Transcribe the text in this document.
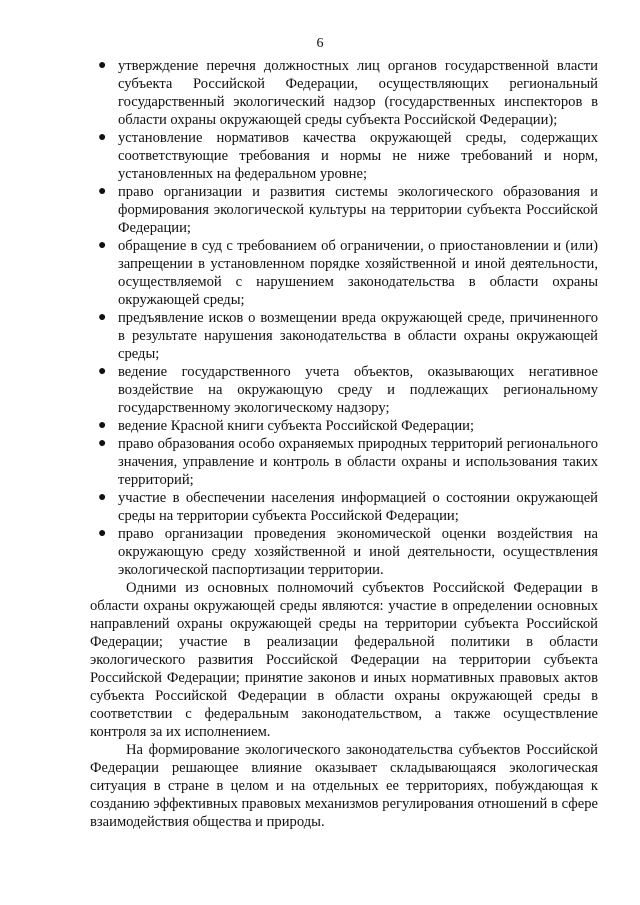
6
● утверждение перечня должностных лиц органов государственной власти субъекта Российской Федерации, осуществляющих региональный государственный экологический надзор (государственных инспекторов в области охраны окружающей среды субъекта Российской Федерации);
● установление нормативов качества окружающей среды, содержащих соответствующие требования и нормы не ниже требований и норм, установленных на федеральном уровне;
● право организации и развития системы экологического образования и формирования экологической культуры на территории субъекта Российской Федерации;
● обращение в суд с требованием об ограничении, о приостановлении и (или) запрещении в установленном порядке хозяйственной и иной деятельности, осуществляемой с нарушением законодательства в области охраны окружающей среды;
● предъявление исков о возмещении вреда окружающей среде, причиненного в результате нарушения законодательства в области охраны окружающей среды;
● ведение государственного учета объектов, оказывающих негативное воздействие на окружающую среду и подлежащих региональному государственному экологическому надзору;
● ведение Красной книги субъекта Российской Федерации;
● право образования особо охраняемых природных территорий регионального значения, управление и контроль в области охраны и использования таких территорий;
● участие в обеспечении населения информацией о состоянии окружающей среды на территории субъекта Российской Федерации;
● право организации проведения экономической оценки воздействия на окружающую среду хозяйственной и иной деятельности, осуществления экологической паспортизации территории.

Одними из основных полномочий субъектов Российской Федерации в области охраны окружающей среды являются: участие в определении основных направлений охраны окружающей среды на территории субъекта Российской Федерации; участие в реализации федеральной политики в области экологического развития Российской Федерации на территории субъекта Российской Федерации; принятие законов и иных нормативных правовых актов субъекта Российской Федерации в области охраны окружающей среды в соответствии с федеральным законодательством, а также осуществление контроля за их исполнением.

На формирование экологического законодательства субъектов Российской Федерации решающее влияние оказывает складывающаяся экологическая ситуация в стране в целом и на отдельных ее территориях, побуждающая к созданию эффективных правовых механизмов регулирования отношений в сфере взаимодействия общества и природы.
